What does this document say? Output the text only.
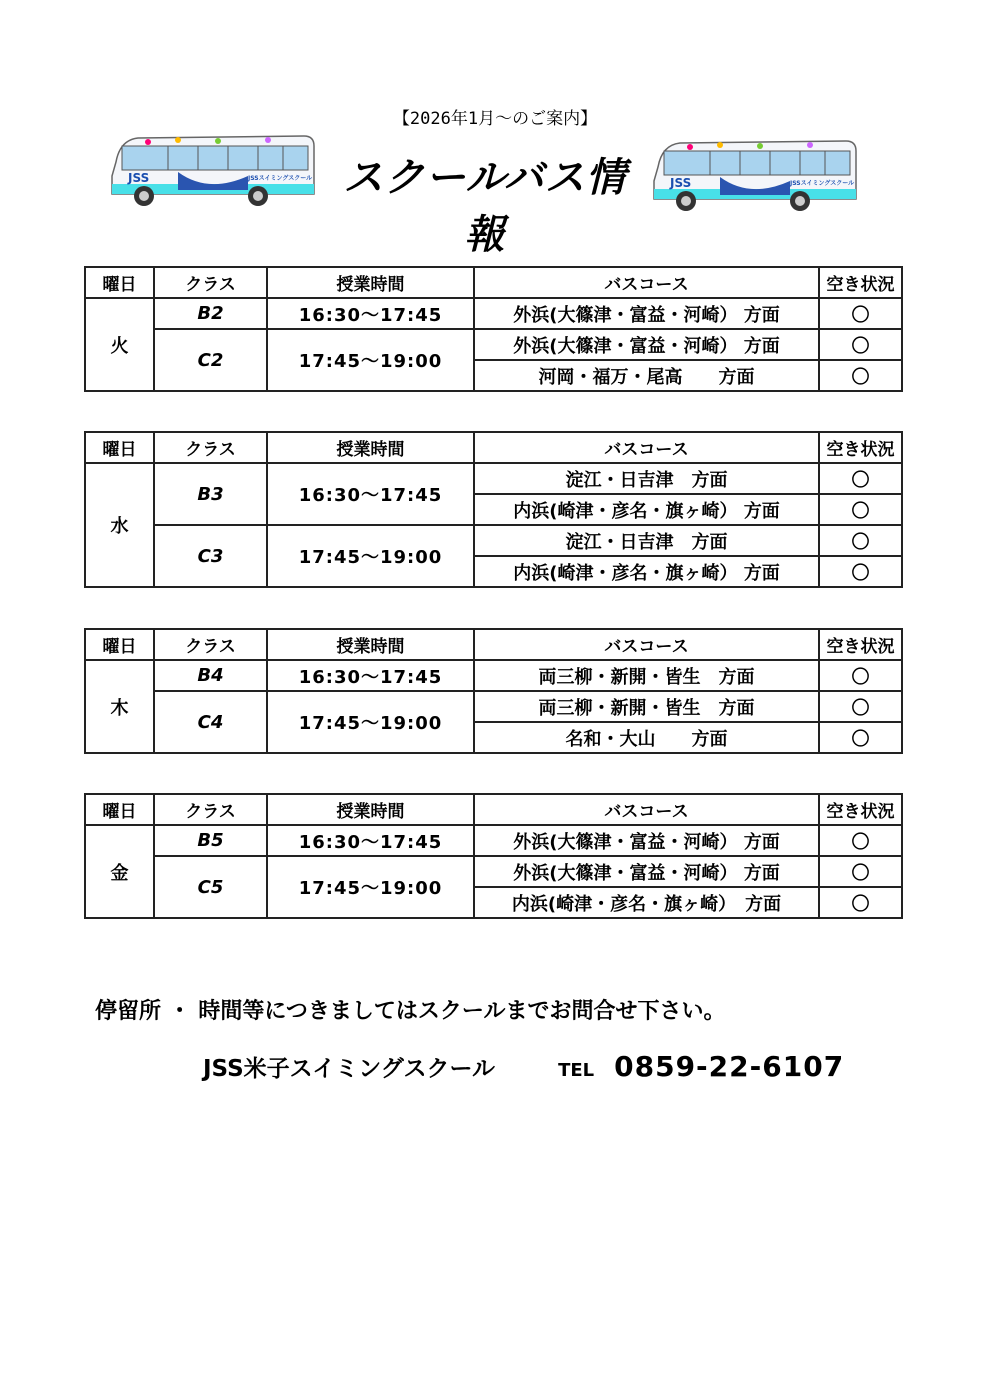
【2026年1月～のご案内】
JSS	JSSスイミングスクール スクールバス情報
JSS	JSSスイミングスクール
曜日	クラス	授業時間	バスコース	空き状況
火	B2	16:30～17:45	外浜(大篠津・富益・河崎） 方面	〇
	C2	17:45～19:00	外浜(大篠津・富益・河崎） 方面	〇
			河岡・福万・尾高　　方面	〇
曜日	クラス	授業時間	バスコース	空き状況
水	B3	16:30～17:45	淀江・日吉津　方面	〇
			内浜(崎津・彦名・旗ヶ崎） 方面	〇
	C3	17:45～19:00	淀江・日吉津　方面	〇
			内浜(崎津・彦名・旗ヶ崎） 方面	〇
曜日	クラス	授業時間	バスコース	空き状況
木	B4	16:30～17:45	両三柳・新開・皆生　方面	〇
	C4	17:45～19:00	両三柳・新開・皆生　方面	〇
			名和・大山　　方面	〇
曜日	クラス	授業時間	バスコース	空き状況
金	B5	16:30～17:45	外浜(大篠津・富益・河崎） 方面	〇
	C5	17:45～19:00	外浜(大篠津・富益・河崎） 方面	〇
			内浜(崎津・彦名・旗ヶ崎）　方面	〇
停留所 ・ 時間等につきましてはスクールまでお問合せ下さい。
JSS米子スイミングスクール	TEL 0859-22-6107
